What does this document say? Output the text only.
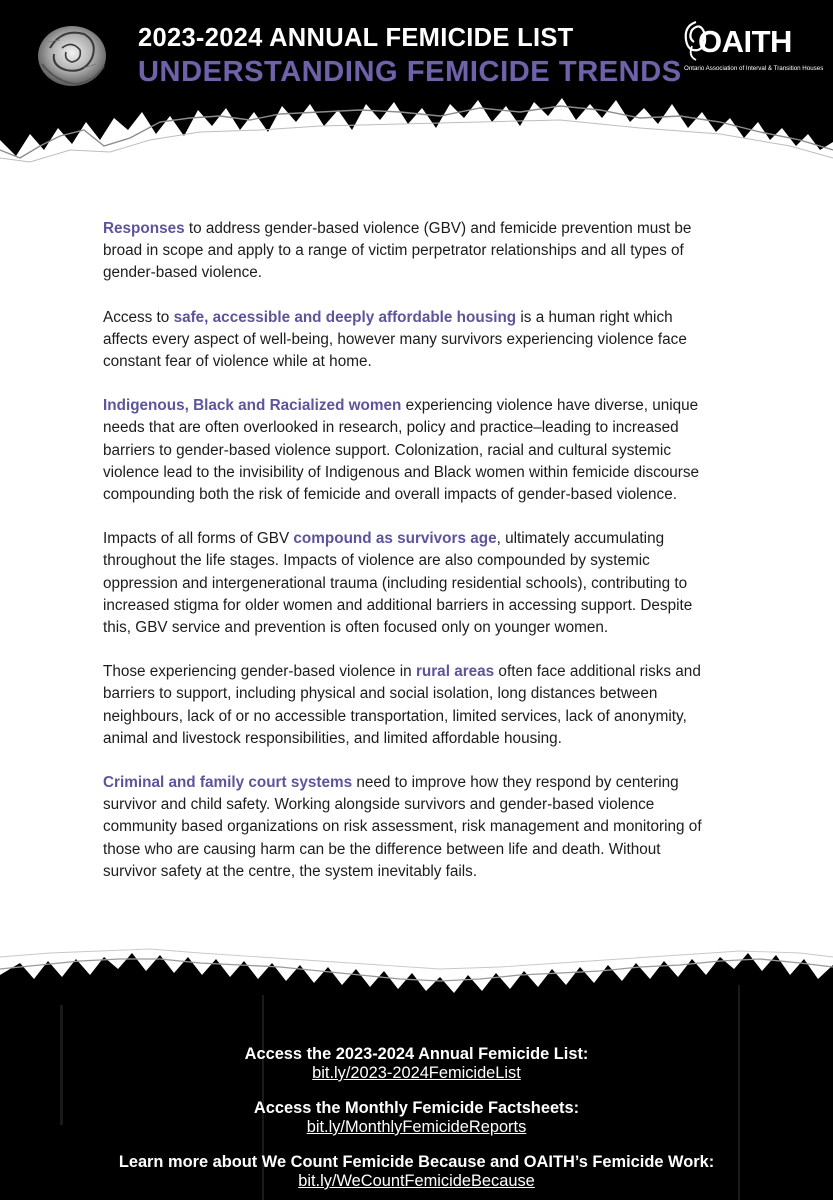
2023-2024 ANNUAL FEMICIDE LIST
UNDERSTANDING FEMICIDE TRENDS
OAITH
Ontario Association of Interval & Transition Houses

Responses to address gender-based violence (GBV) and femicide prevention must be broad in scope and apply to a range of victim perpetrator relationships and all types of gender-based violence.

Access to safe, accessible and deeply affordable housing is a human right which affects every aspect of well-being, however many survivors experiencing violence face constant fear of violence while at home.

Indigenous, Black and Racialized women experiencing violence have diverse, unique needs that are often overlooked in research, policy and practice–leading to increased barriers to gender-based violence support. Colonization, racial and cultural systemic violence lead to the invisibility of Indigenous and Black women within femicide discourse compounding both the risk of femicide and overall impacts of gender-based violence.

Impacts of all forms of GBV compound as survivors age, ultimately accumulating throughout the life stages. Impacts of violence are also compounded by systemic oppression and intergenerational trauma (including residential schools), contributing to increased stigma for older women and additional barriers in accessing support. Despite this, GBV service and prevention is often focused only on younger women.

Those experiencing gender-based violence in rural areas often face additional risks and barriers to support, including physical and social isolation, long distances between neighbours, lack of or no accessible transportation, limited services, lack of anonymity, animal and livestock responsibilities, and limited affordable housing.

Criminal and family court systems need to improve how they respond by centering survivor and child safety. Working alongside survivors and gender-based violence community based organizations on risk assessment, risk management and monitoring of those who are causing harm can be the difference between life and death. Without survivor safety at the centre, the system inevitably fails.

Access the 2023-2024 Annual Femicide List:
bit.ly/2023-2024FemicideList
Access the Monthly Femicide Factsheets:
bit.ly/MonthlyFemicideReports
Learn more about We Count Femicide Because and OAITH’s Femicide Work:
bit.ly/WeCountFemicideBecause
